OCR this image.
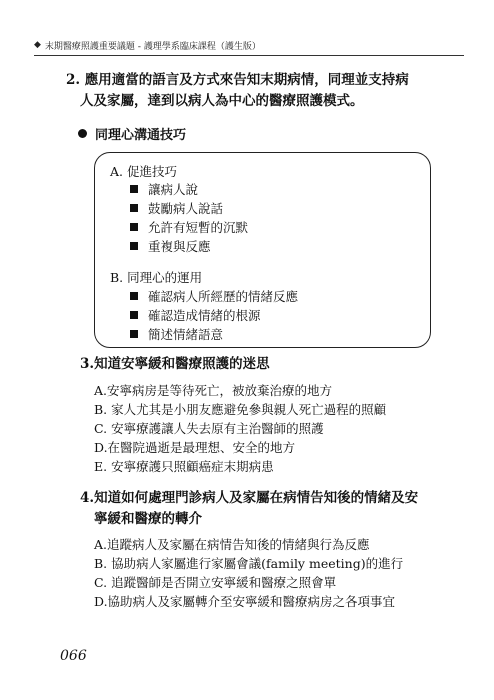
◆ 末期醫療照護重要議題 - 護理學系臨床課程（護生版）
2. 應用適當的語言及方式來告知末期病情，同理並支持病
人及家屬，達到以病人為中心的醫療照護模式。
同理心溝通技巧
A. 促進技巧
讓病人說
鼓勵病人說話
允許有短暫的沉默
重複與反應
B. 同理心的運用
確認病人所經歷的情緒反應
確認造成情緒的根源
簡述情緒語意
3.知道安寧緩和醫療照護的迷思
A.安寧病房是等待死亡，被放棄治療的地方
B. 家人尤其是小朋友應避免參與親人死亡過程的照顧
C. 安寧療護讓人失去原有主治醫師的照護
D.在醫院過逝是最理想、安全的地方
E. 安寧療護只照顧癌症末期病患
4.知道如何處理門診病人及家屬在病情告知後的情緒及安
寧緩和醫療的轉介
A.追蹤病人及家屬在病情告知後的情緒與行為反應
B. 協助病人家屬進行家屬會議(family meeting)的進行
C. 追蹤醫師是否開立安寧緩和醫療之照會單
D.協助病人及家屬轉介至安寧緩和醫療病房之各項事宜
066
